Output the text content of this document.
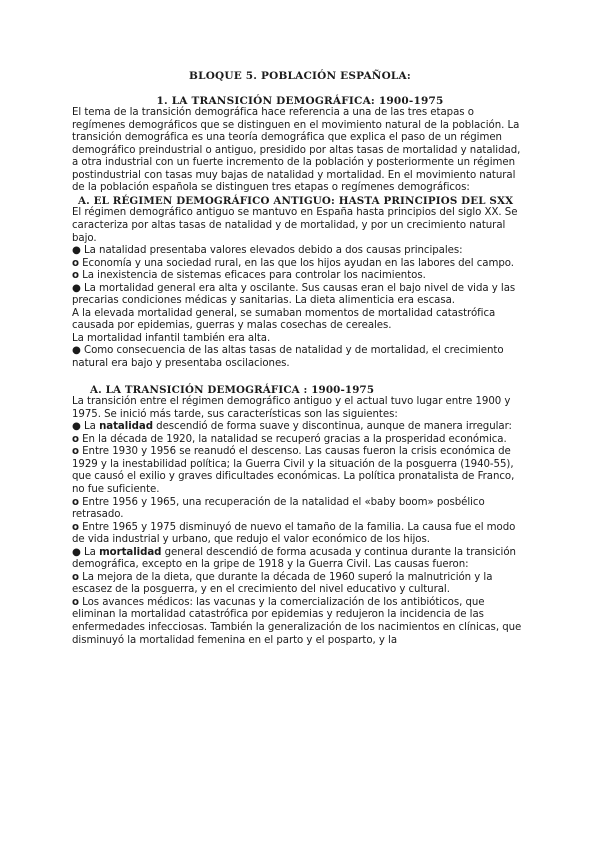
BLOQUE 5. POBLACIÓN ESPAÑOLA:
1. LA TRANSICIÓN DEMOGRÁFICA: 1900-1975

El tema de la transición demográfica hace referencia a una de las tres etapas o regímenes demográficos que se distinguen en el movimiento natural de la población. La transición demográfica es una teoría demográfica que explica el paso de un régimen demográfico preindustrial o antiguo, presidido por altas tasas de mortalidad y natalidad, a otra industrial con un fuerte incremento de la población y posteriormente un régimen postindustrial con tasas muy bajas de natalidad y mortalidad. En el movimiento natural de la población española se distinguen tres etapas o regímenes demográficos:

A. EL RÉGIMEN DEMOGRÁFICO ANTIGUO: HASTA PRINCIPIOS DEL SXX

El régimen demográfico antiguo se mantuvo en España hasta principios del siglo XX. Se caracteriza por altas tasas de natalidad y de mortalidad, y por un crecimiento natural bajo.

● La natalidad presentaba valores elevados debido a dos causas principales:

o Economía y una sociedad rural, en las que los hijos ayudan en las labores del campo.

o La inexistencia de sistemas eficaces para controlar los nacimientos.

● La mortalidad general era alta y oscilante. Sus causas eran el bajo nivel de vida y las precarias condiciones médicas y sanitarias. La dieta alimenticia era escasa.

A la elevada mortalidad general, se sumaban momentos de mortalidad catastrófica causada por epidemias, guerras y malas cosechas de cereales.

La mortalidad infantil también era alta.

● Como consecuencia de las altas tasas de natalidad y de mortalidad, el crecimiento natural era bajo y presentaba oscilaciones.

A. LA TRANSICIÓN DEMOGRÁFICA : 1900-1975

La transición entre el régimen demográfico antiguo y el actual tuvo lugar entre 1900 y 1975. Se inició más tarde, sus características son las siguientes:

● La natalidad descendió de forma suave y discontinua, aunque de manera irregular:

o En la década de 1920, la natalidad se recuperó gracias a la prosperidad económica.

o Entre 1930 y 1956 se reanudó el descenso. Las causas fueron la crisis económica de 1929 y la inestabilidad política; la Guerra Civil y la situación de la posguerra (1940-55), que causó el exilio y graves dificultades económicas. La política pronatalista de Franco, no fue suficiente.

o Entre 1956 y 1965, una recuperación de la natalidad el «baby boom» posbélico retrasado.

o Entre 1965 y 1975 disminuyó de nuevo el tamaño de la familia. La causa fue el modo de vida industrial y urbano, que redujo el valor económico de los hijos.

● La mortalidad general descendió de forma acusada y continua durante la transición demográfica, excepto en la gripe de 1918 y la Guerra Civil. Las causas fueron:

o La mejora de la dieta, que durante la década de 1960 superó la malnutrición y la escasez de la posguerra, y en el crecimiento del nivel educativo y cultural.

o Los avances médicos: las vacunas y la comercialización de los antibióticos, que eliminan la mortalidad catastrófica por epidemias y redujeron la incidencia de las enfermedades infecciosas. También la generalización de los nacimientos en clínicas, que disminuyó la mortalidad femenina en el parto y el posparto, y la
